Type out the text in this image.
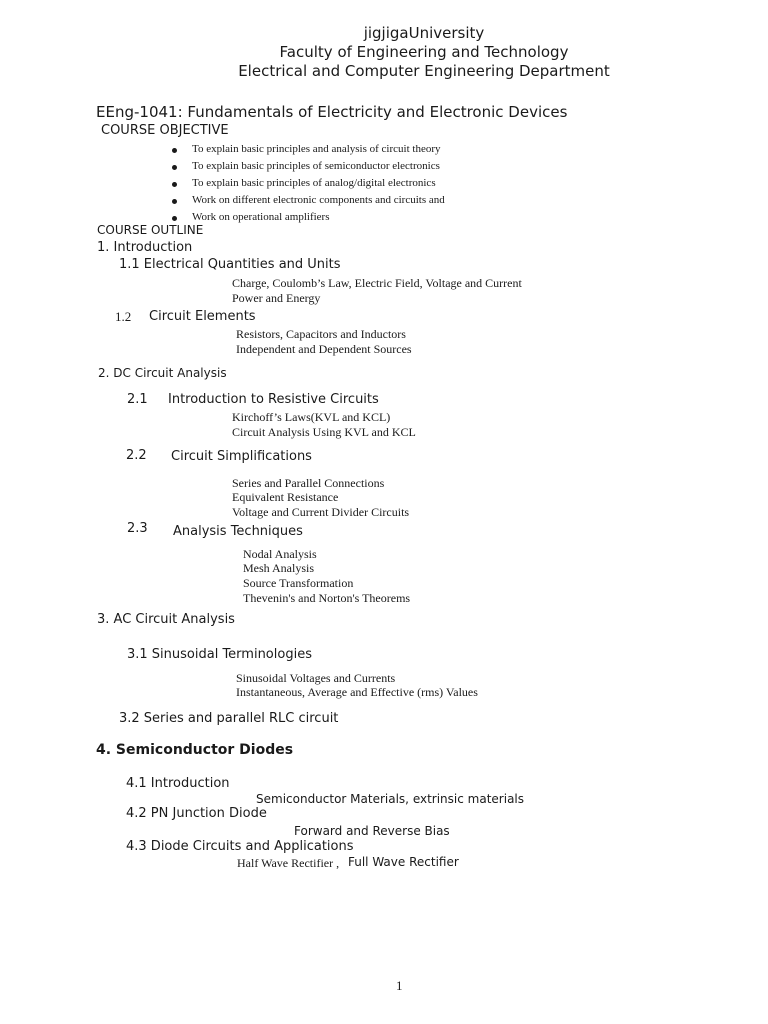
jigjigaUniversity
Faculty of Engineering and Technology
Electrical and Computer Engineering Department
EEng-1041: Fundamentals of Electricity and Electronic Devices
COURSE OBJECTIVE
To explain basic principles and analysis of circuit theory
To explain basic principles of semiconductor electronics
To explain basic principles of analog/digital electronics
Work on different electronic components and circuits and
Work on operational amplifiers
COURSE OUTLINE
1. Introduction
1.1 Electrical Quantities and Units
Charge, Coulomb’s Law, Electric Field, Voltage and Current
Power and Energy
1.2 Circuit Elements
Resistors, Capacitors and Inductors
Independent and Dependent Sources
2. DC Circuit Analysis
2.1 Introduction to Resistive Circuits
Kirchoff’s Laws(KVL and KCL)
Circuit Analysis Using KVL and KCL
2.2 Circuit Simplifications
Series and Parallel Connections
Equivalent Resistance
Voltage and Current Divider Circuits
2.3 Analysis Techniques
Nodal Analysis
Mesh Analysis
Source Transformation
Thevenin's and Norton's Theorems
3. AC Circuit Analysis
3.1 Sinusoidal Terminologies
Sinusoidal Voltages and Currents
Instantaneous, Average and Effective (rms) Values
3.2 Series and parallel RLC circuit
4. Semiconductor Diodes
4.1 Introduction
Semiconductor Materials, extrinsic materials
4.2 PN Junction Diode
Forward and Reverse Bias
4.3 Diode Circuits and Applications
Half Wave Rectifier , Full Wave Rectifier
1
